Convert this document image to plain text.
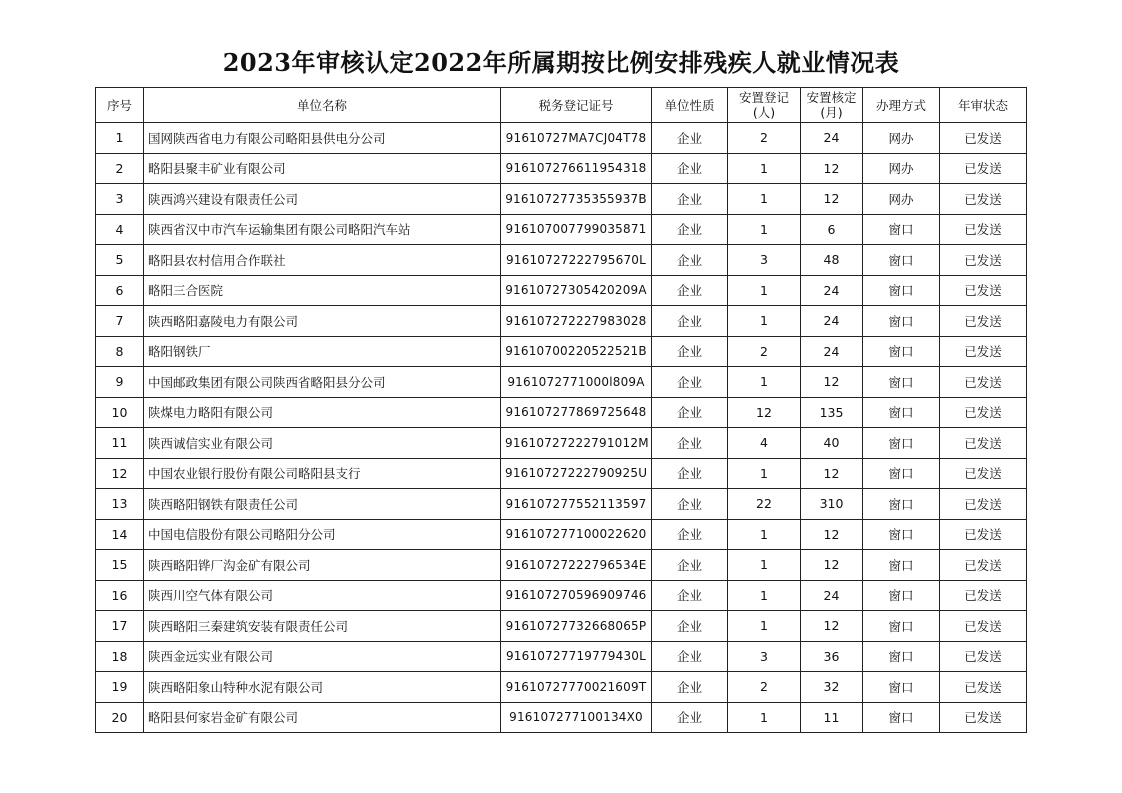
2023年审核认定2022年所属期按比例安排残疾人就业情况表
序号	单位名称	税务登记证号	单位性质	安置登记(人)	安置核定(月)	办理方式	年审状态
1	国网陕西省电力有限公司略阳县供电分公司	91610727MA7CJ04T78	企业	2	24	网办	已发送
2	略阳县聚丰矿业有限公司	916107276611954318	企业	1	12	网办	已发送
3	陕西鸿兴建设有限责任公司	91610727735355937B	企业	1	12	网办	已发送
4	陕西省汉中市汽车运输集团有限公司略阳汽车站	916107007799035871	企业	1	6	窗口	已发送
5	略阳县农村信用合作联社	91610727222795670L	企业	3	48	窗口	已发送
6	略阳三合医院	91610727305420209A	企业	1	24	窗口	已发送
7	陕西略阳嘉陵电力有限公司	916107272227983028	企业	1	24	窗口	已发送
8	略阳钢铁厂	91610700220522521B	企业	2	24	窗口	已发送
9	中国邮政集团有限公司陕西省略阳县分公司	9161072771000l809A	企业	1	12	窗口	已发送
10	陕煤电力略阳有限公司	916107277869725648	企业	12	135	窗口	已发送
11	陕西诚信实业有限公司	91610727222791012M	企业	4	40	窗口	已发送
12	中国农业银行股份有限公司略阳县支行	91610727222790925U	企业	1	12	窗口	已发送
13	陕西略阳钢铁有限责任公司	916107277552113597	企业	22	310	窗口	已发送
14	中国电信股份有限公司略阳分公司	916107277100022620	企业	1	12	窗口	已发送
15	陕西略阳铧厂沟金矿有限公司	91610727222796534E	企业	1	12	窗口	已发送
16	陕西川空气体有限公司	916107270596909746	企业	1	24	窗口	已发送
17	陕西略阳三秦建筑安装有限责任公司	91610727732668065P	企业	1	12	窗口	已发送
18	陕西金远实业有限公司	91610727719779430L	企业	3	36	窗口	已发送
19	陕西略阳象山特种水泥有限公司	91610727770021609T	企业	2	32	窗口	已发送
20	略阳县何家岩金矿有限公司	916107277100134X0	企业	1	11	窗口	已发送
